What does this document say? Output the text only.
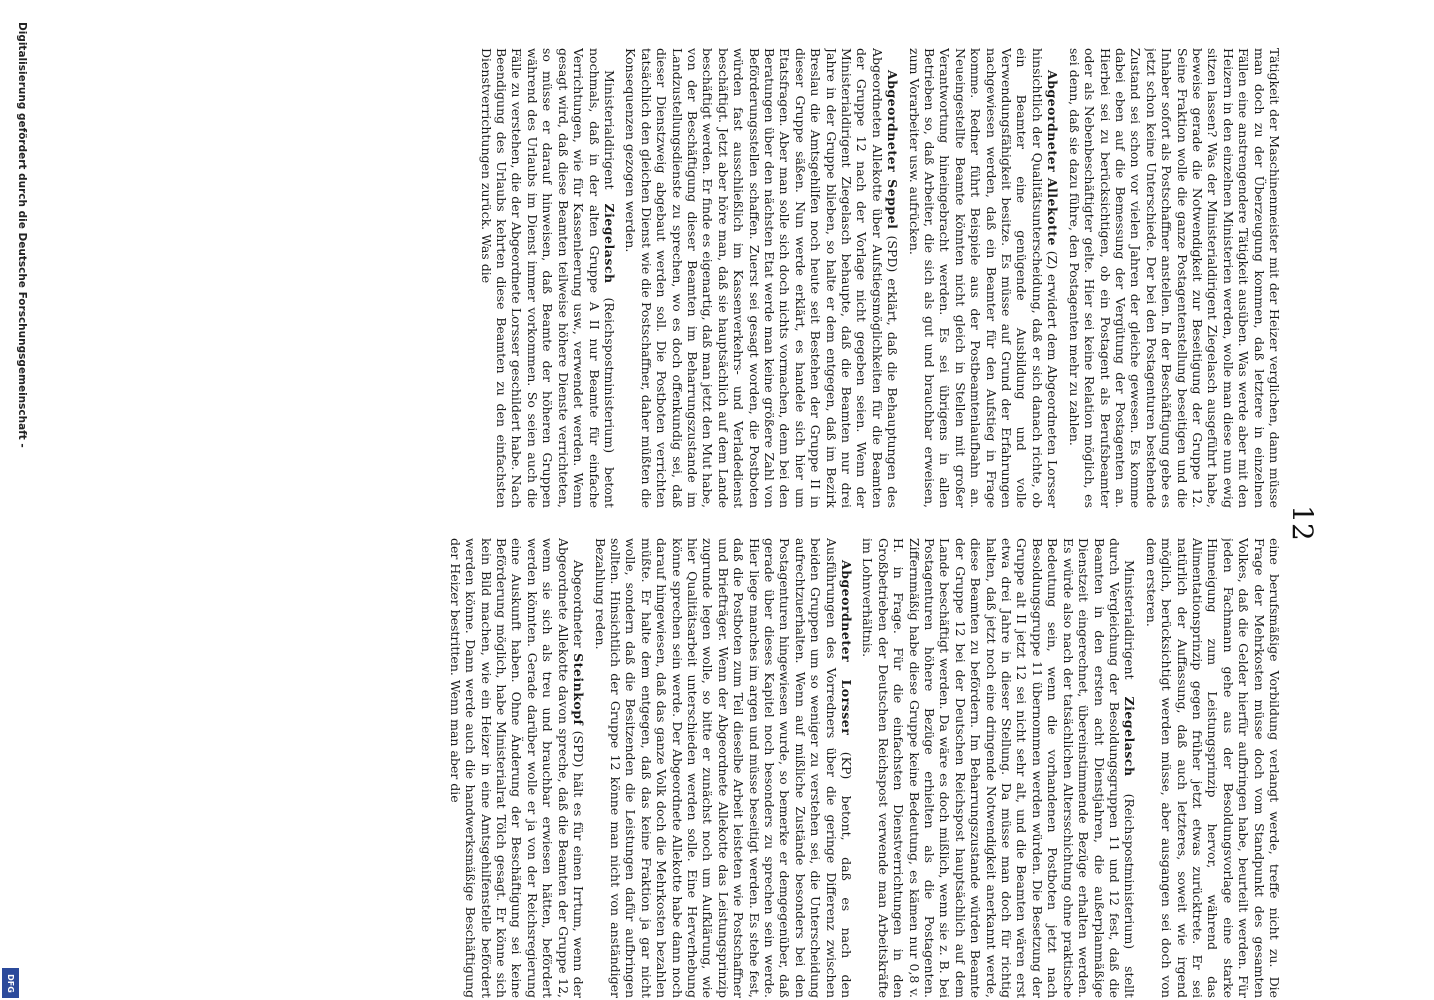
Digitalisierung gefördert durch die Deutsche Forschungsgemeinschaft -
DFG
12

Tätigkeit der Maschinenmeister mit der Heizer verglichen, dann müsse man doch zu der Überzeugung kommen, daß letztere in einzelnen Fällen eine anstrengendere Tätigkeit ausüben. Was werde aber mit den Heizern in den einzelnen Ministerien werden, wolle man diese nun ewig sitzen lassen? Was der Ministerialdirigent Ziegelasch ausgeführt habe, beweise gerade die Notwendigkeit zur Beseitigung der Gruppe 12. Seine Fraktion wolle die ganze Postagentenstellung beseitigen und die Inhaber sofort als Postschaffner anstellen. In der Beschäftigung gebe es jetzt schon keine Unterschiede. Der bei den Postagenturen bestehende Zustand sei schon vor vielen Jahren der gleiche gewesen. Es komme dabei eben auf die Bemessung der Vergütung der Postagenten an. Hierbei sei zu berücksichtigen, ob ein Postagent als Berufsbeamter oder als Nebenbeschäftigter gelte. Hier sei keine Relation möglich, es sei denn, daß sie dazu führe, den Postagenten mehr zu zahlen.

Abgeordneter Allekotte (Z) erwidert dem Abgeordneten Lorsser hinsichtlich der Qualitätsunterscheidung, daß er sich danach richte, ob ein Beamter eine genügende Ausbildung und volle Verwendungsfähigkeit besitze. Es müsse auf Grund der Erfahrungen nachgewiesen werden, daß ein Beamter für den Aufstieg in Frage komme. Redner führt Beispiele aus der Postbeamtenlaufbahn an. Neueingestellte Beamte könnten nicht gleich in Stellen mit großer Verantwortung hineingebracht werden. Es sei übrigens in allen Betrieben so, daß Arbeiter, die sich als gut und brauchbar erweisen, zum Vorarbeiter usw. aufrücken.

Abgeordneter Seppel (SPD) erklärt, daß die Behauptungen des Abgeordneten Allekotte über Aufstiegsmöglichkeiten für die Beamten der Gruppe 12 nach der Vorlage nicht gegeben seien. Wenn der Ministerialdirigent Ziegelasch behaupte, daß die Beamten nur drei Jahre in der Gruppe blieben, so halte er dem entgegen, daß im Bezirk Breslau die Amtsgehilfen noch heute seit Bestehen der Gruppe II in dieser Gruppe säßen. Nun werde erklärt, es handele sich hier um Etatsfragen. Aber man solle sich doch nichts vormachen, denn bei den Beratungen über den nächsten Etat werde man keine größere Zahl von Beförderungsstellen schaffen. Zuerst sei gesagt worden, die Postboten würden fast ausschließlich im Kassenverkehrs- und Verladedienst beschäftigt. Jetzt aber höre man, daß sie hauptsächlich auf dem Lande beschäftigt werden. Er finde es eigenartig, daß man jetzt den Mut habe, von der Beschäftigung dieser Beamten im Beharrungszustande im Landzustellungsdienste zu sprechen, wo es doch offenkundig sei, daß dieser Dienstzweig abgebaut werden soll. Die Postboten verrichten tatsächlich den gleichen Dienst wie die Postschaffner, daher müßten die Konsequenzen gezogen werden.

Ministerialdirigent Ziegelasch (Reichspostministerium) betont nochmals, daß in der alten Gruppe A II nur Beamte für einfache Verrichtungen, wie für Kassenleerung usw., verwendet werden. Wenn gesagt wird, daß diese Beamten teilweise höhere Dienste verrichteten, so müsse er darauf hinweisen, daß Beamte der höheren Gruppen während des Urlaubs im Dienst immer vorkommen. So seien auch die Fälle zu verstehen, die der Abgeordnete Lorsser geschildert habe. Nach Beendigung des Urlaubs kehrten diese Beamten zu den einfachsten Dienstverrichtungen zurück. Was die

eine berufsmäßige Vorbildung verlangt werde, treffe nicht zu. Die Frage der Mehrkosten müsse doch vom Standpunkt des gesamten Volkes, daß die Gelder hierfür aufbringen habe, beurteilt werden. Für jeden Fachmann gehe aus der Besoldungsvorlage eine starke Hinneigung zum Leistungsprinzip hervor, während das Alimentationsprinzip gegen früher jetzt etwas zurücktrete. Er sei natürlich der Auffassung, daß auch letzteres, soweit wie irgend möglich, berücksichtigt werden müsse, aber ausgangen sei doch von dem ersteren.

Ministerialdirigent Ziegelasch (Reichspostministerium) stellt durch Vergleichung der Besoldungsgruppen 11 und 12 fest, daß die Beamten in den ersten acht Dienstjahren, die außerplanmäßige Dienstzeit eingerechnet, übereinstimmende Bezüge erhalten werden. Es würde also nach der tatsächlichen Altersschichtung ohne praktische Bedeutung sein, wenn die vorhandenen Postboten jetzt nach Besoldungsgruppe 11 übernommen werden würden. Die Besetzung der Gruppe alt II jetzt 12 sei nicht sehr alt, und die Beamten wären erst etwa drei Jahre in dieser Stellung. Da müsse man doch für richtig halten, daß jetzt noch eine dringende Notwendigkeit anerkannt werde, diese Beamten zu befördern. Im Beharrungszustande würden Beamte der Gruppe 12 bei der Deutschen Reichspost hauptsächlich auf dem Lande beschäftigt werden. Da wäre es doch mißlich, wenn sie z. B. bei Postagenturen höhere Bezüge erhielten als die Postagenten. Ziffernmäßig habe diese Gruppe keine Bedeutung, es kämen nur 0,8 v. H. in Frage. Für die einfachsten Dienstverrichtungen in den Großbetrieben der Deutschen Reichspost verwende man Arbeitskräfte im Lohnverhältnis.

Abgeordneter Lorsser (KP) betont, daß es nach den Ausführungen des Vorredners über die geringe Differenz zwischen beiden Gruppen um so weniger zu verstehen sei, die Unterscheidung aufrechtzuerhalten. Wenn auf mißliche Zustände besonders bei den Postagenturen hingewiesen wurde, so bemerke er demgegenüber, daß gerade über dieses Kapitel noch besonders zu sprechen sein werde. Hier liege manches im argen und müsse beseitigt werden. Es stehe fest, daß die Postboten zum Teil dieselbe Arbeit leisteten wie Postschaffner und Briefträger. Wenn der Abgeordnete Allekotte das Leistungsprinzip zugrunde legen wolle, so bitte er zunächst noch um Aufklärung, wie hier Qualitätsarbeit unterschieden werden solle. Eine Herverhebung könne sprechen sein werde. Der Abgeordnete Allekotte habe dann noch darauf hingewiesen, daß das ganze Volk doch die Mehrkosten bezahlen müßte. Er halte dem entgegen, daß das keine Fraktion ja gar nicht wolle, sondern daß die Besitzenden die Leistungen dafür aufbringen sollten. Hinsichtlich der Gruppe 12 könne man nicht von anständiger Bezahlung reden.

Abgeordneter Steinkopf (SPD) hält es für einen Irrtum, wenn der Abgeordnete Allekotte davon spreche, daß die Beamten der Gruppe 12, wenn sie sich als treu und brauchbar erwiesen hätten, befördert werden könnten. Gerade darüber wolle er ja von der Reichsregierung eine Auskunft haben. Ohne Änderung der Beschäftigung sei keine Beförderung möglich, habe Ministerialrat Tölch gesagt. Er könne sich kein Bild machen, wie ein Heizer in eine Amtsgehilfenstelle befördert werden könne. Dann werde auch die handwerksmäßige Beschäftigung der Heizer bestritten. Wenn man aber die
